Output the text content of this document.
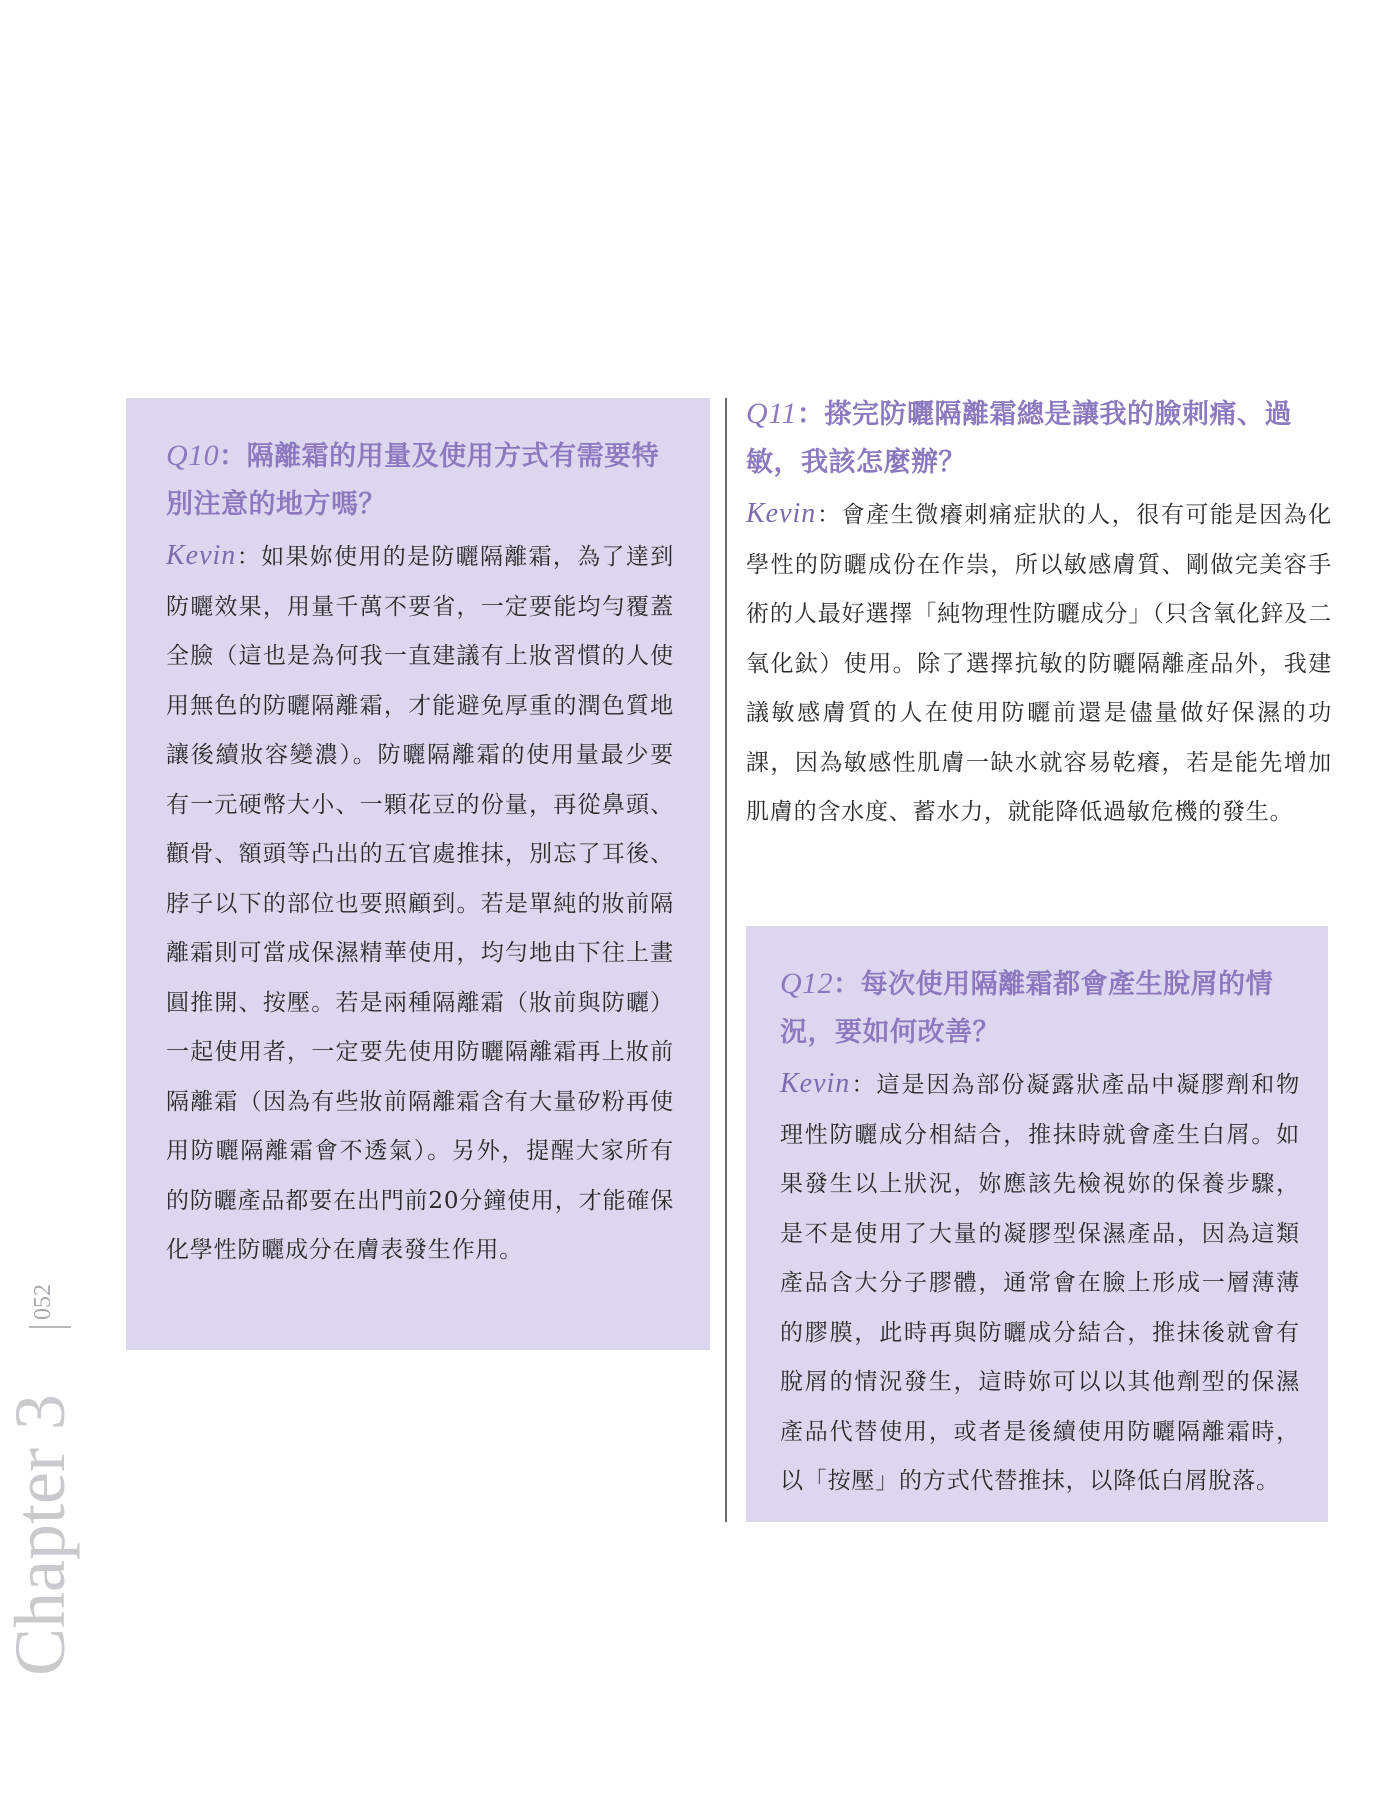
Q10：隔離霜的用量及使用方式有需要特別注意的地方嗎？

Kevin：如果妳使用的是防曬隔離霜，為了達到防曬效果，用量千萬不要省，一定要能均勻覆蓋全臉（這也是為何我一直建議有上妝習慣的人使用無色的防曬隔離霜，才能避免厚重的潤色質地讓後續妝容變濃）。防曬隔離霜的使用量最少要有一元硬幣大小、一顆花豆的份量，再從鼻頭、顴骨、額頭等凸出的五官處推抹，別忘了耳後、脖子以下的部位也要照顧到。若是單純的妝前隔離霜則可當成保濕精華使用，均勻地由下往上畫圓推開、按壓。若是兩種隔離霜（妝前與防曬）一起使用者，一定要先使用防曬隔離霜再上妝前隔離霜（因為有些妝前隔離霜含有大量矽粉再使用防曬隔離霜會不透氣）。另外，提醒大家所有的防曬產品都要在出門前20分鐘使用，才能確保化學性防曬成分在膚表發生作用。

Q11：搽完防曬隔離霜總是讓我的臉刺痛、過敏，我該怎麼辦？

Kevin：會產生微癢刺痛症狀的人，很有可能是因為化學性的防曬成份在作祟，所以敏感膚質、剛做完美容手術的人最好選擇「純物理性防曬成分」（只含氧化鋅及二氧化鈦）使用。除了選擇抗敏的防曬隔離產品外，我建議敏感膚質的人在使用防曬前還是儘量做好保濕的功課，因為敏感性肌膚一缺水就容易乾癢，若是能先增加肌膚的含水度、蓄水力，就能降低過敏危機的發生。

Q12：每次使用隔離霜都會產生脫屑的情況，要如何改善？

Kevin：這是因為部份凝露狀產品中凝膠劑和物理性防曬成分相結合，推抹時就會產生白屑。如果發生以上狀況，妳應該先檢視妳的保養步驟，是不是使用了大量的凝膠型保濕產品，因為這類產品含大分子膠體，通常會在臉上形成一層薄薄的膠膜，此時再與防曬成分結合，推抹後就會有脫屑的情況發生，這時妳可以以其他劑型的保濕產品代替使用，或者是後續使用防曬隔離霜時，以「按壓」的方式代替推抹，以降低白屑脫落。

Chapter 3
052
